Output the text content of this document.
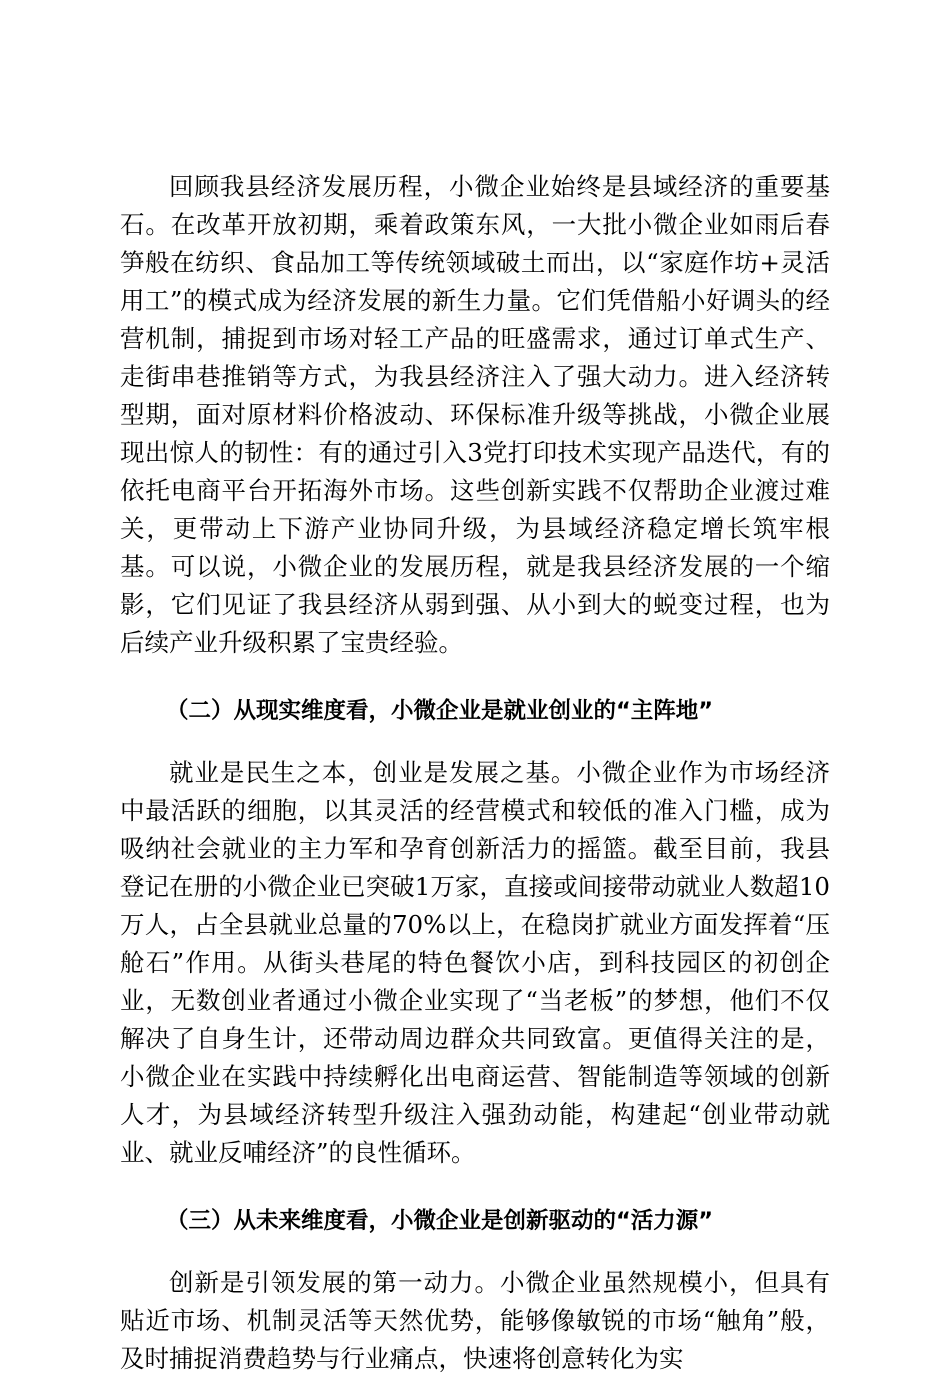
回顾我县经济发展历程，小微企业始终是县域经济的重要基石。在改革开放初期，乘着政策东风，一大批小微企业如雨后春笋般在纺织、食品加工等传统领域破土而出，以“家庭作坊+灵活用工”的模式成为经济发展的新生力量。它们凭借船小好调头的经营机制，捕捉到市场对轻工产品的旺盛需求，通过订单式生产、走街串巷推销等方式，为我县经济注入了强大动力。进入经济转型期，面对原材料价格波动、环保标准升级等挑战，小微企业展现出惊人的韧性：有的通过引入3党打印技术实现产品迭代，有的依托电商平台开拓海外市场。这些创新实践不仅帮助企业渡过难关，更带动上下游产业协同升级，为县域经济稳定增长筑牢根基。可以说，小微企业的发展历程，就是我县经济发展的一个缩影，它们见证了我县经济从弱到强、从小到大的蜕变过程，也为后续产业升级积累了宝贵经验。

（二）从现实维度看，小微企业是就业创业的“主阵地”

就业是民生之本，创业是发展之基。小微企业作为市场经济中最活跃的细胞，以其灵活的经营模式和较低的准入门槛，成为吸纳社会就业的主力军和孕育创新活力的摇篮。截至目前，我县登记在册的小微企业已突破1万家，直接或间接带动就业人数超10万人，占全县就业总量的70%以上，在稳岗扩就业方面发挥着“压舱石”作用。从街头巷尾的特色餐饮小店，到科技园区的初创企业，无数创业者通过小微企业实现了“当老板”的梦想，他们不仅解决了自身生计，还带动周边群众共同致富。更值得关注的是，小微企业在实践中持续孵化出电商运营、智能制造等领域的创新人才，为县域经济转型升级注入强劲动能，构建起“创业带动就业、就业反哺经济”的良性循环。

（三）从未来维度看，小微企业是创新驱动的“活力源”

创新是引领发展的第一动力。小微企业虽然规模小，但具有贴近市场、机制灵活等天然优势，能够像敏锐的市场“触角”般，及时捕捉消费趋势与行业痛点，快速将创意转化为实
